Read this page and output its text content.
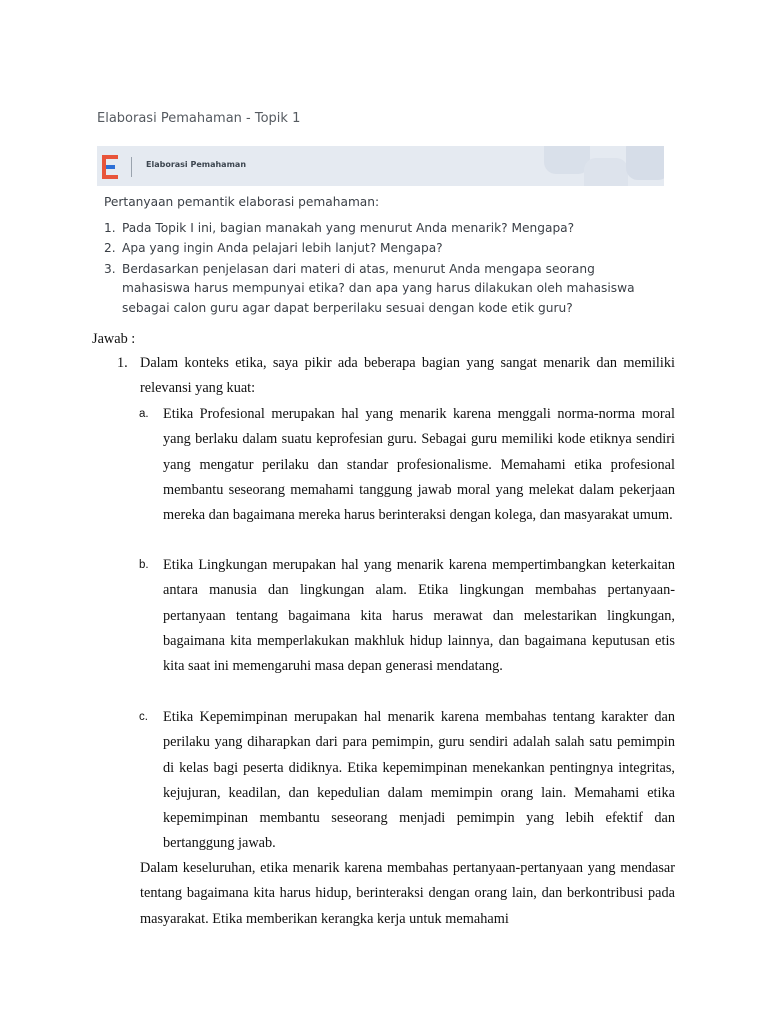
Elaborasi Pemahaman - Topik 1
Elaborasi Pemahaman
Pertanyaan pemantik elaborasi pemahaman:
1. Pada Topik I ini, bagian manakah yang menurut Anda menarik? Mengapa?
2. Apa yang ingin Anda pelajari lebih lanjut? Mengapa?
3. Berdasarkan penjelasan dari materi di atas, menurut Anda mengapa seorang mahasiswa harus mempunyai etika? dan apa yang harus dilakukan oleh mahasiswa sebagai calon guru agar dapat berperilaku sesuai dengan kode etik guru?
Jawab :
1. Dalam konteks etika, saya pikir ada beberapa bagian yang sangat menarik dan memiliki relevansi yang kuat:
a. Etika Profesional merupakan hal yang menarik karena menggali norma-norma moral yang berlaku dalam suatu keprofesian guru. Sebagai guru memiliki kode etiknya sendiri yang mengatur perilaku dan standar profesionalisme. Memahami etika profesional membantu seseorang memahami tanggung jawab moral yang melekat dalam pekerjaan mereka dan bagaimana mereka harus berinteraksi dengan kolega, dan masyarakat umum.
b. Etika Lingkungan merupakan hal yang menarik karena mempertimbangkan keterkaitan antara manusia dan lingkungan alam. Etika lingkungan membahas pertanyaan-pertanyaan tentang bagaimana kita harus merawat dan melestarikan lingkungan, bagaimana kita memperlakukan makhluk hidup lainnya, dan bagaimana keputusan etis kita saat ini memengaruhi masa depan generasi mendatang.
c. Etika Kepemimpinan merupakan hal menarik karena membahas tentang karakter dan perilaku yang diharapkan dari para pemimpin, guru sendiri adalah salah satu pemimpin di kelas bagi peserta didiknya. Etika kepemimpinan menekankan pentingnya integritas, kejujuran, keadilan, dan kepedulian dalam memimpin orang lain. Memahami etika kepemimpinan membantu seseorang menjadi pemimpin yang lebih efektif dan bertanggung jawab.
Dalam keseluruhan, etika menarik karena membahas pertanyaan-pertanyaan yang mendasar tentang bagaimana kita harus hidup, berinteraksi dengan orang lain, dan berkontribusi pada masyarakat. Etika memberikan kerangka kerja untuk memahami
